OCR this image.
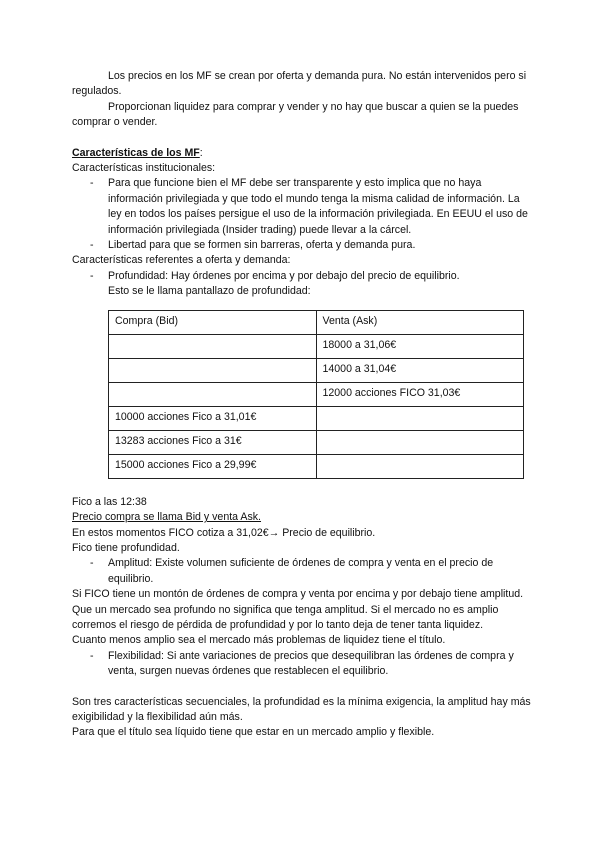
Los precios en los MF se crean por oferta y demanda pura. No están intervenidos pero si regulados.

Proporcionan liquidez para comprar y vender y no hay que buscar a quien se la puedes comprar o vender.

Características de los MF:

Características institucionales:

- Para que funcione bien el MF debe ser transparente y esto implica que no haya información privilegiada y que todo el mundo tenga la misma calidad de información. La ley en todos los países persigue el uso de la información privilegiada. En EEUU el uso de información privilegiada (Insider trading) puede llevar a la cárcel.
- Libertad para que se formen sin barreras, oferta y demanda pura.

Características referentes a oferta y demanda:

- Profundidad: Hay órdenes por encima y por debajo del precio de equilibrio.

Esto se le llama pantallazo de profundidad:

Compra (Bid)	Venta (Ask)
	18000 a 31,06€
	14000 a 31,04€
	12000 acciones FICO 31,03€
10000 acciones Fico a 31,01€	
13283 acciones Fico a 31€	
15000 acciones Fico a 29,99€	

Fico a las 12:38

Precio compra se llama Bid y venta Ask.

En estos momentos FICO cotiza a 31,02€→ Precio de equilibrio.

Fico tiene profundidad.

- Amplitud: Existe volumen suficiente de órdenes de compra y venta en el precio de equilibrio.

Si FICO tiene un montón de órdenes de compra y venta por encima y por debajo tiene amplitud.

Que un mercado sea profundo no significa que tenga amplitud. Si el mercado no es amplio corremos el riesgo de pérdida de profundidad y por lo tanto deja de tener tanta liquidez.

Cuanto menos amplio sea el mercado más problemas de liquidez tiene el título.

- Flexibilidad: Si ante variaciones de precios que desequilibran las órdenes de compra y venta, surgen nuevas órdenes que restablecen el equilibrio.

Son tres características secuenciales, la profundidad es la mínima exigencia, la amplitud hay más exigibilidad y la flexibilidad aún más.

Para que el título sea líquido tiene que estar en un mercado amplio y flexible.
